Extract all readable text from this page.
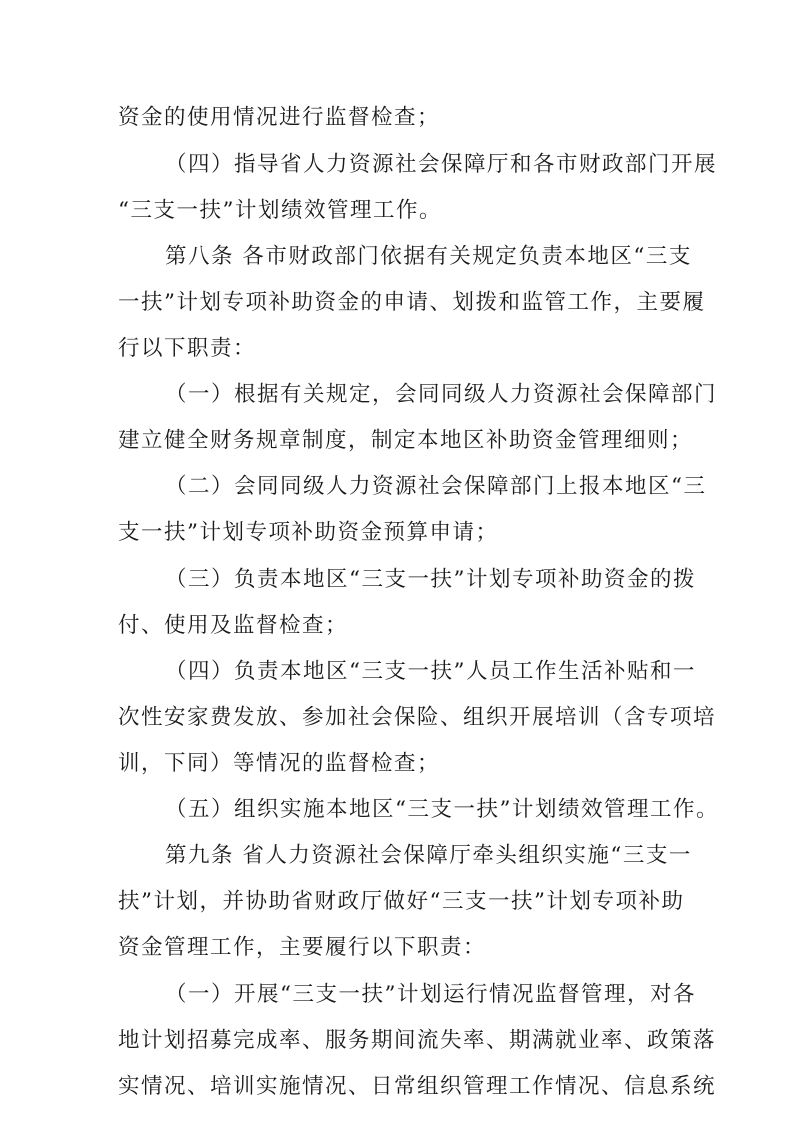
资金的使用情况进行监督检查；
（四）指导省人力资源社会保障厅和各市财政部门开展
“三支一扶”计划绩效管理工作。
第八条 各市财政部门依据有关规定负责本地区“三支
一扶”计划专项补助资金的申请、划拨和监管工作，主要履
行以下职责：
（一）根据有关规定，会同同级人力资源社会保障部门
建立健全财务规章制度，制定本地区补助资金管理细则；
（二）会同同级人力资源社会保障部门上报本地区“三
支一扶”计划专项补助资金预算申请；
（三）负责本地区“三支一扶”计划专项补助资金的拨
付、使用及监督检查；
（四）负责本地区“三支一扶”人员工作生活补贴和一
次性安家费发放、参加社会保险、组织开展培训（含专项培
训，下同）等情况的监督检查；
（五）组织实施本地区“三支一扶”计划绩效管理工作。
第九条 省人力资源社会保障厅牵头组织实施“三支一
扶”计划，并协助省财政厅做好“三支一扶”计划专项补助
资金管理工作，主要履行以下职责：
（一）开展“三支一扶”计划运行情况监督管理，对各
地计划招募完成率、服务期间流失率、期满就业率、政策落
实情况、培训实施情况、日常组织管理工作情况、信息系统
